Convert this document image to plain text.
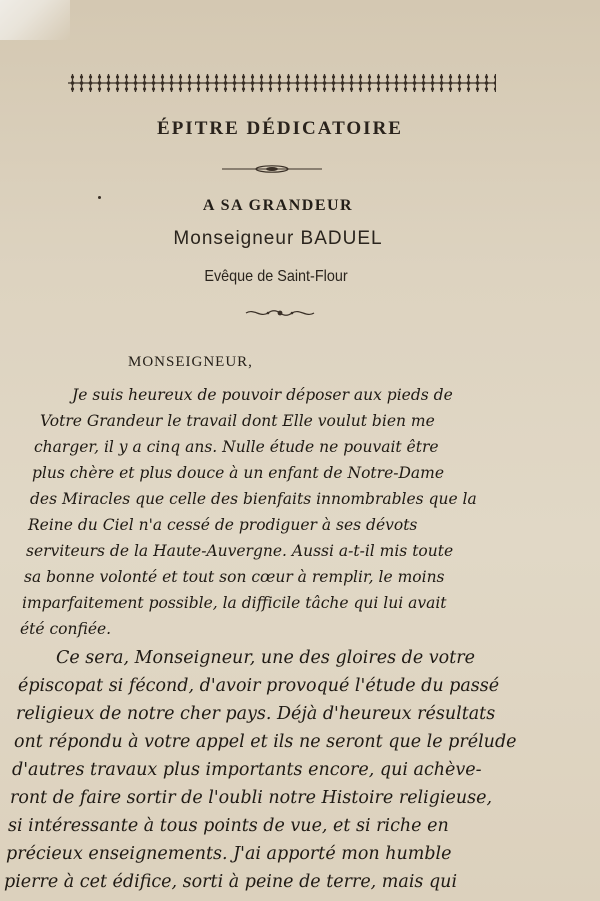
ÉPITRE DÉDICATOIRE
A SA GRANDEUR
Monseigneur BADUEL
Evêque de Saint-Flour
MONSEIGNEUR,
Je suis heureux de pouvoir déposer aux pieds de
Votre Grandeur le travail dont Elle voulut bien me
charger, il y a cinq ans. Nulle étude ne pouvait être
plus chère et plus douce à un enfant de Notre-Dame
des Miracles que celle des bienfaits innombrables que la
Reine du Ciel n'a cessé de prodiguer à ses dévots
serviteurs de la Haute-Auvergne. Aussi a-t-il mis toute
sa bonne volonté et tout son cœur à remplir, le moins
imparfaitement possible, la difficile tâche qui lui avait
été confiée.
Ce sera, Monseigneur, une des gloires de votre
épiscopat si fécond, d'avoir provoqué l'étude du passé
religieux de notre cher pays. Déjà d'heureux résultats
ont répondu à votre appel et ils ne seront que le prélude
d'autres travaux plus importants encore, qui achève-
ront de faire sortir de l'oubli notre Histoire religieuse,
si intéressante à tous points de vue, et si riche en
précieux enseignements. J'ai apporté mon humble
pierre à cet édifice, sorti à peine de terre, mais qui
